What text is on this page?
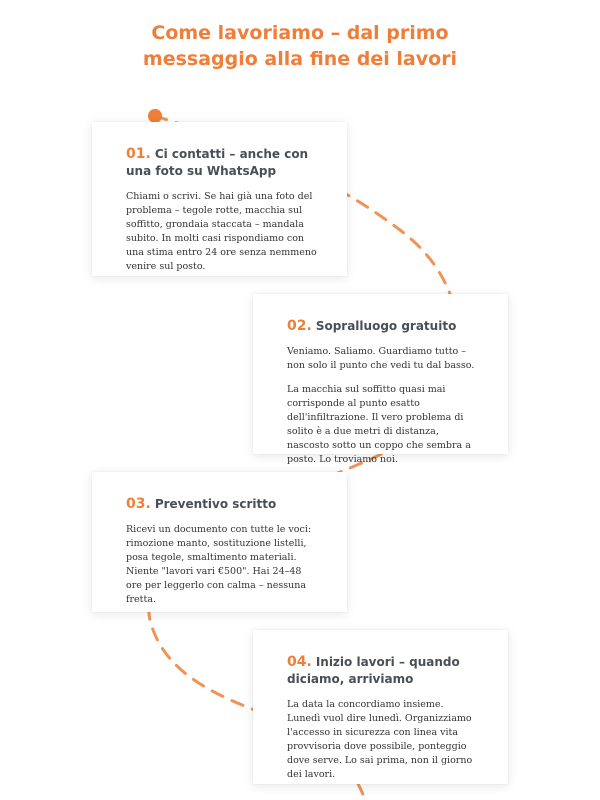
Come lavoriamo – dal primo
messaggio alla fine dei lavori
01. Ci contatti – anche con una foto su WhatsApp

Chiami o scrivi. Se hai già una foto del problema – tegole rotte, macchia sul soffitto, grondaia staccata – mandala subito. In molti casi rispondiamo con una stima entro 24 ore senza nemmeno venire sul posto.

02. Sopralluogo gratuito

Veniamo. Saliamo. Guardiamo tutto – non solo il punto che vedi tu dal basso.

La macchia sul soffitto quasi mai corrisponde al punto esatto dell'infiltrazione. Il vero problema di solito è a due metri di distanza, nascosto sotto un coppo che sembra a posto. Lo troviamo noi.

03. Preventivo scritto

Ricevi un documento con tutte le voci: rimozione manto, sostituzione listelli, posa tegole, smaltimento materiali. Niente "lavori vari €500". Hai 24–48 ore per leggerlo con calma – nessuna fretta.

04. Inizio lavori – quando diciamo, arriviamo

La data la concordiamo insieme. Lunedì vuol dire lunedì. Organizziamo l'accesso in sicurezza con linea vita provvisoria dove possibile, ponteggio dove serve. Lo sai prima, non il giorno dei lavori.
